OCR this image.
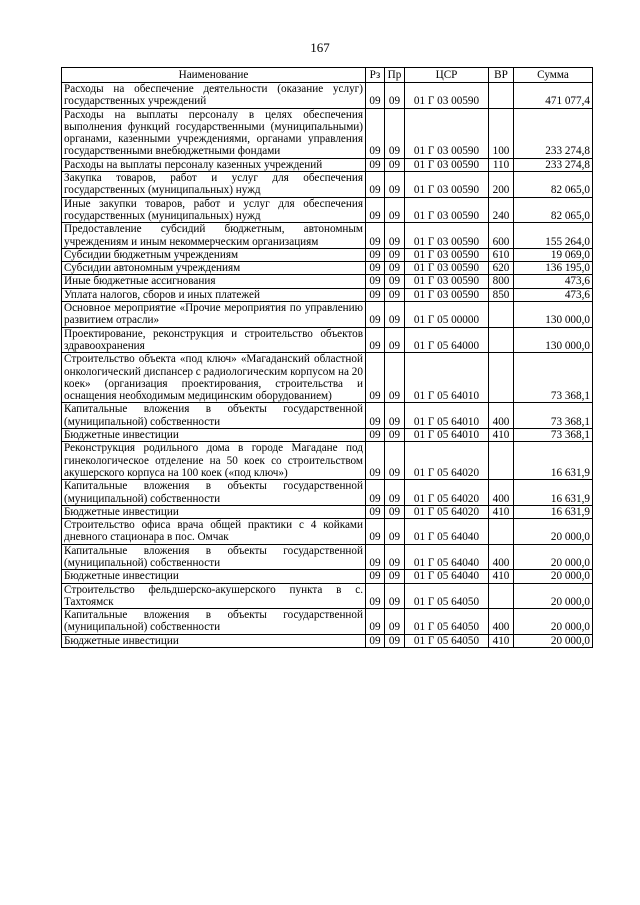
167
Наименование	Рз	Пр	ЦСР	ВР	Сумма
Расходы на обеспечение деятельности (оказание услуг) государственных учреждений	09	09	01 Г 03 00590		471 077,4
Расходы на выплаты персоналу в целях обеспечения выполнения функций государственными (муниципальными) органами, казенными учреждениями, органами управления государственными внебюджетными фондами	09	09	01 Г 03 00590	100	233 274,8
Расходы на выплаты персоналу казенных учреждений	09	09	01 Г 03 00590	110	233 274,8
Закупка товаров, работ и услуг для обеспечения государственных (муниципальных) нужд	09	09	01 Г 03 00590	200	82 065,0
Иные закупки товаров, работ и услуг для обеспечения государственных (муниципальных) нужд	09	09	01 Г 03 00590	240	82 065,0
Предоставление субсидий бюджетным, автономным учреждениям и иным некоммерческим организациям	09	09	01 Г 03 00590	600	155 264,0
Субсидии бюджетным учреждениям	09	09	01 Г 03 00590	610	19 069,0
Субсидии автономным учреждениям	09	09	01 Г 03 00590	620	136 195,0
Иные бюджетные ассигнования	09	09	01 Г 03 00590	800	473,6
Уплата налогов, сборов и иных платежей	09	09	01 Г 03 00590	850	473,6
Основное мероприятие «Прочие мероприятия по управлению развитием отрасли»	09	09	01 Г 05 00000		130 000,0
Проектирование, реконструкция и строительство объектов здравоохранения	09	09	01 Г 05 64000		130 000,0
Строительство объекта «под ключ» «Магаданский областной онкологический диспансер с радиологическим корпусом на 20 коек» (организация проектирования, строительства и оснащения необходимым медицинским оборудованием)	09	09	01 Г 05 64010		73 368,1
Капитальные вложения в объекты государственной (муниципальной) собственности	09	09	01 Г 05 64010	400	73 368,1
Бюджетные инвестиции	09	09	01 Г 05 64010	410	73 368,1
Реконструкция родильного дома в городе Магадане под гинекологическое отделение на 50 коек со строительством акушерского корпуса на 100 коек («под ключ»)	09	09	01 Г 05 64020		16 631,9
Капитальные вложения в объекты государственной (муниципальной) собственности	09	09	01 Г 05 64020	400	16 631,9
Бюджетные инвестиции	09	09	01 Г 05 64020	410	16 631,9
Строительство офиса врача общей практики с 4 койками дневного стационара в пос. Омчак	09	09	01 Г 05 64040		20 000,0
Капитальные вложения в объекты государственной (муниципальной) собственности	09	09	01 Г 05 64040	400	20 000,0
Бюджетные инвестиции	09	09	01 Г 05 64040	410	20 000,0
Строительство фельдшерско-акушерского пункта в с. Тахтоямск	09	09	01 Г 05 64050		20 000,0
Капитальные вложения в объекты государственной (муниципальной) собственности	09	09	01 Г 05 64050	400	20 000,0
Бюджетные инвестиции	09	09	01 Г 05 64050	410	20 000,0
